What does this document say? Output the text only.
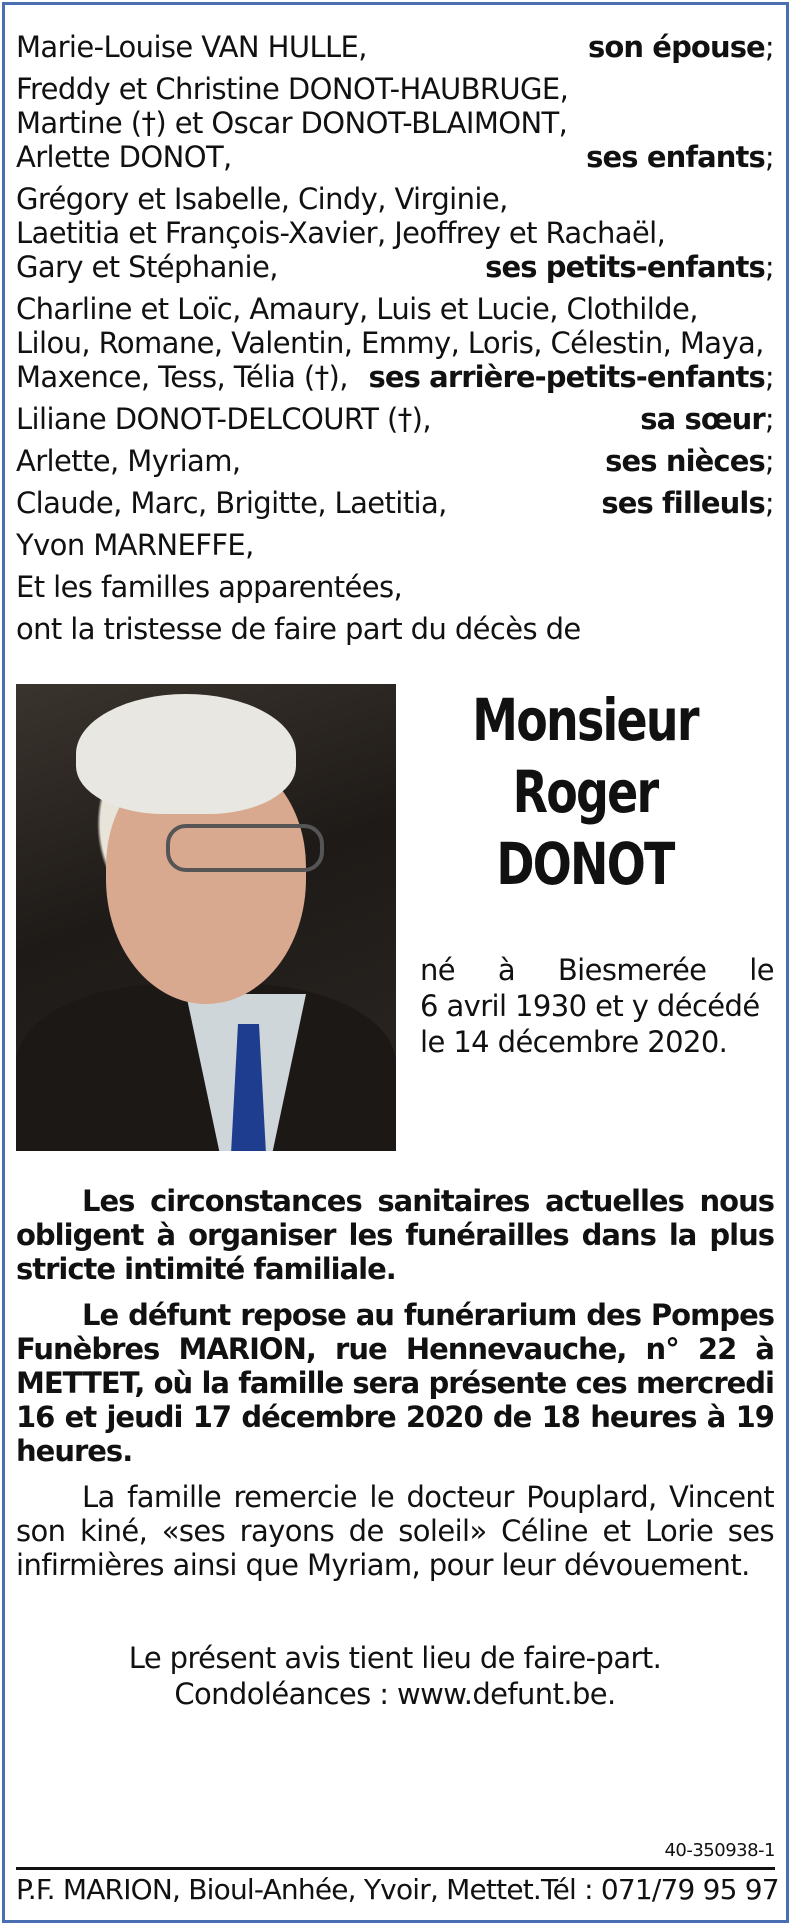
Marie-Louise VAN HULLE,	son épouse;
Freddy et Christine DONOT-HAUBRUGE,
Martine (†) et Oscar DONOT-BLAIMONT,
Arlette DONOT,	ses enfants;
Grégory et Isabelle, Cindy, Virginie,
Laetitia et François-Xavier, Jeoffrey et Rachaël,
Gary et Stéphanie,	ses petits-enfants;
Charline et Loïc, Amaury, Luis et Lucie, Clothilde,
Lilou, Romane, Valentin, Emmy, Loris, Célestin, Maya,
Maxence, Tess, Télia (†), ses arrière-petits-enfants;
Liliane DONOT-DELCOURT (†),	sa sœur;
Arlette, Myriam,	ses nièces;
Claude, Marc, Brigitte, Laetitia,	ses filleuls;
Yvon MARNEFFE,
Et les familles apparentées,
ont la tristesse de faire part du décès de
Monsieur
Roger
DONOT
né à Biesmerée le
6 avril 1930 et y décédé
le 14 décembre 2020.
Les circonstances sanitaires actuelles nous obligent à organiser les funérailles dans la plus stricte intimité familiale.
Le défunt repose au funérarium des Pompes Funèbres MARION, rue Hennevauche, n° 22 à METTET, où la famille sera présente ces mercredi 16 et jeudi 17 décembre 2020 de 18 heures à 19 heures.
La famille remercie le docteur Pouplard, Vincent son kiné, «ses rayons de soleil» Céline et Lorie ses infirmières ainsi que Myriam, pour leur dévouement.
Le présent avis tient lieu de faire-part.
Condoléances : www.defunt.be.
40-350938-1
P.F. MARION, Bioul-Anhée, Yvoir, Mettet. Tél : 071/79 95 97
